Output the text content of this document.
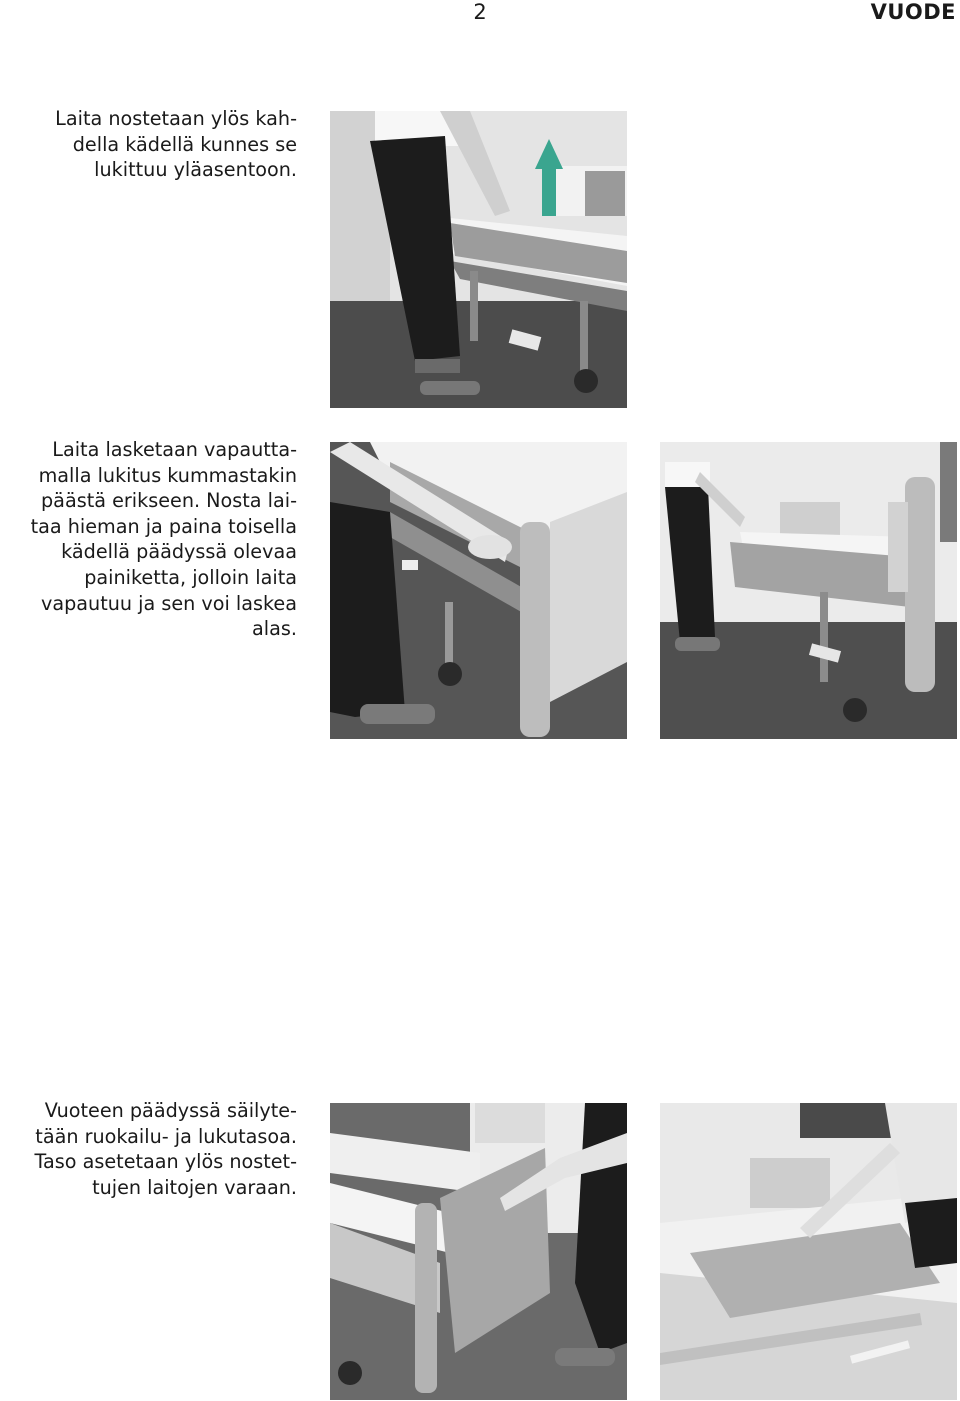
2	VUODE
Laita nostetaan ylös kah-
della kädellä kunnes se
lukittuu yläasentoon.
Laita lasketaan vapautta-
malla lukitus kummastakin
päästä erikseen. Nosta lai-
taa hieman ja paina toisella
kädellä päädyssä olevaa
painiketta, jolloin laita
vapautuu ja sen voi laskea
alas.
Vuoteen päädyssä säilyte-
tään ruokailu- ja lukutasoa.
Taso asetetaan ylös nostet-
tujen laitojen varaan.
